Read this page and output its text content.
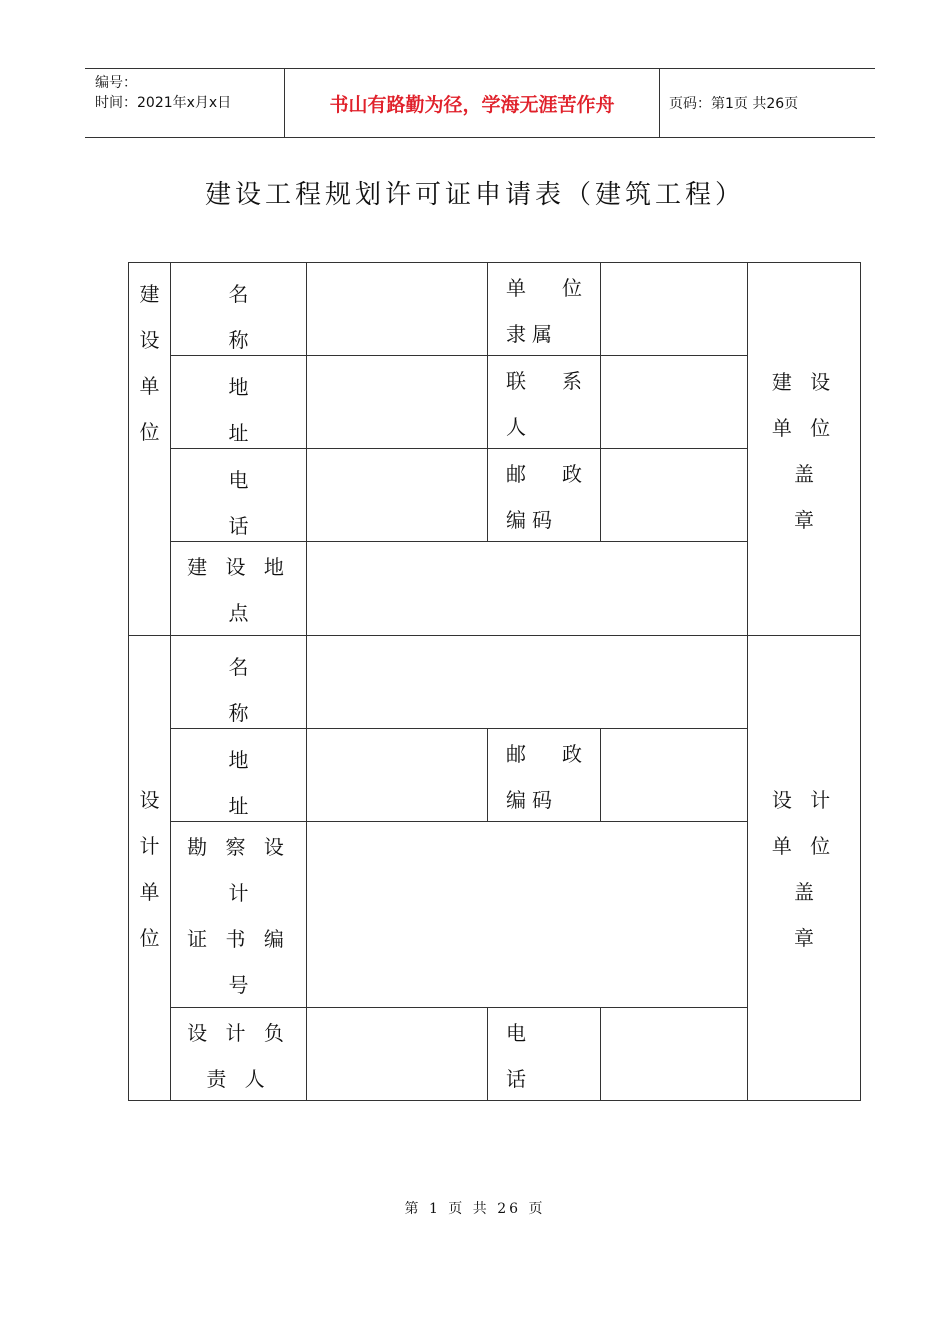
编号：
时间：2021年x月x日	书山有路勤为径，学海无涯苦作舟	页码：第1页 共26页
建设工程规划许可证申请表（建筑工程）
建
设
单
位
名
称
单 位
隶属
建 设
单 位
盖
章
地
址
联 系
人
电
话
邮 政
编码
建 设 地
点
设
计
单
位
名
称
设 计
单 位
盖
章
地
址
邮 政
编码
勘 察 设
计
证 书 编
号
设 计 负
责 人
电
话
第 1 页 共 26 页
